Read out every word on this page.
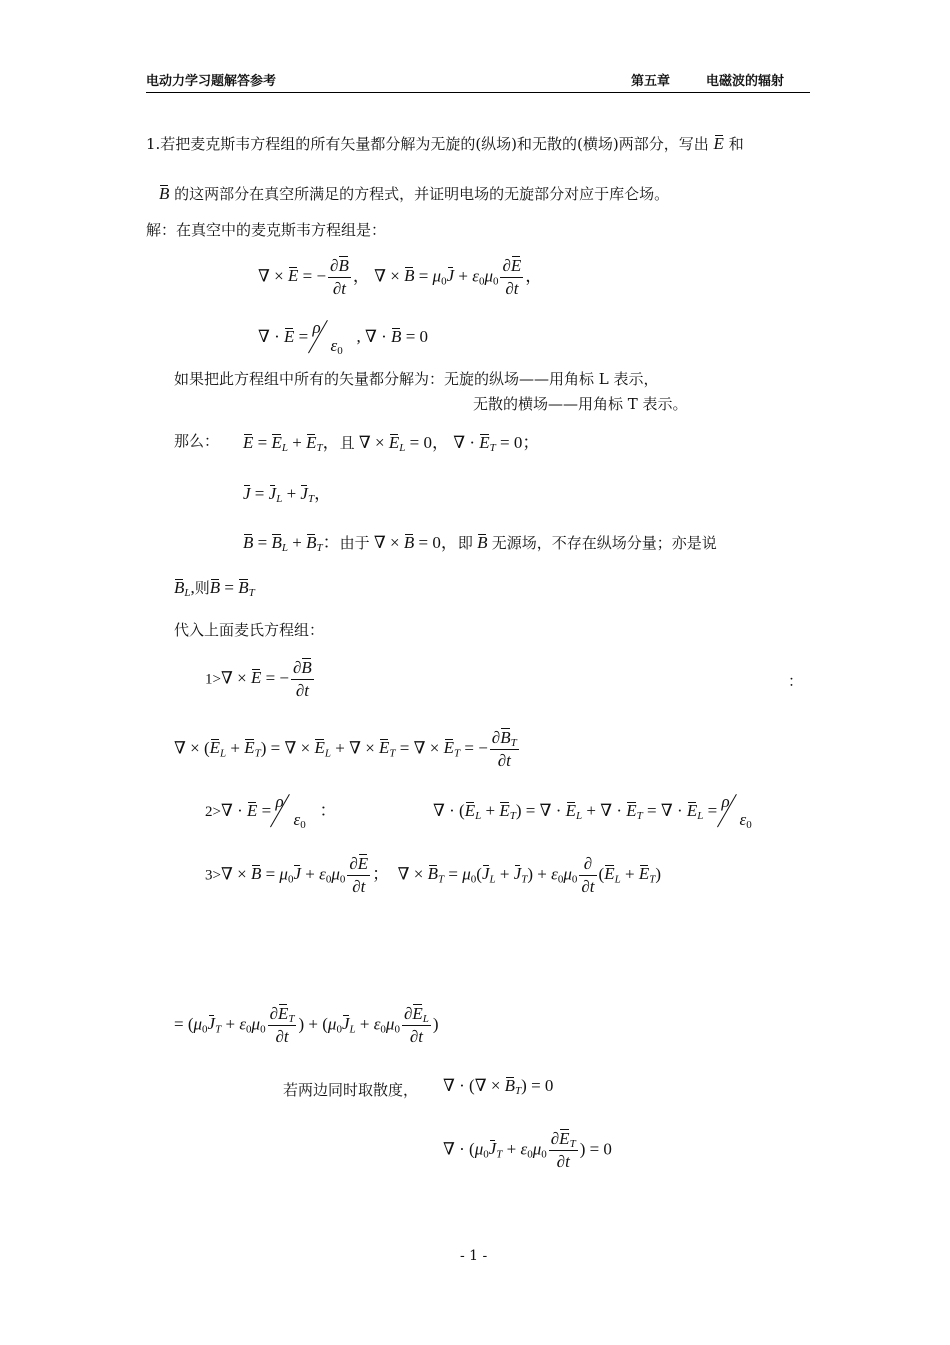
电动力学习题解答参考	第五章	电磁波的辐射
1.若把麦克斯韦方程组的所有矢量都分解为无旋的(纵场)和无散的(横场)两部分，写出 E 和
B 的这两部分在真空所满足的方程式，并证明电场的无旋部分对应于库仑场。
解：在真空中的麦克斯韦方程组是：
∇ × E = − $\frac{\partial B}{\partial t}$ ， ∇ × $B = \mu_0J + \varepsilon_0\mu_0 \frac{\partial E}{\partial t}$ ，
∇ · E = ρ
$\varepsilon_0$
, ∇ · B = 0
如果把此方程组中所有的矢量都分解为：无旋的纵场——用角标 L 表示，
无散的横场——用角标 T 表示。
那么： $E = E_L + E_T$，且 ∇ × $E_L = 0$， ∇ · $E_T = 0$；
$J = J_L + J_T$，
$B = B_L + B_T$：由于 ∇ × B = 0，即 B 无源场，不存在纵场分量；亦是说
$B_L$,则$B = B_T$
代入上面麦氏方程组：
1>∇ × E = − $\frac{\partial B}{\partial t}$	：
∇ × $(E_L + E_T)$ = ∇ × $E_L$ + ∇ × $E_T$ = ∇ × $E_T$ = − $\frac{\partial B_T}{\partial t}$
2>∇ · E = ρ
$\varepsilon_0$
：	∇ · $(E_L + E_T)$ = ∇ · $E_L$ + ∇ · $E_T$ = ∇ · $E_L = \rho$
$\varepsilon_0$
$3>\nabla \times B = \mu_0J + \varepsilon_0\mu_0 \frac{\partial E}{\partial t}$ ；  ∇ × $B_T = \mu_0(J_L + J_T) + \varepsilon_0\mu_0 \frac{\partial}{\partial t} (E_L + E_T)$
= ($\mu_0J_T + \varepsilon_0\mu_0 \frac{\partial E_T}{\partial t}$ ) + ($\mu_0J_L + \varepsilon_0\mu_0 \frac{\partial E_L}{\partial t}$ )
若两边同时取散度， ∇ · (∇ × $B_T) = 0$
∇ · ($\mu_0J_T + \varepsilon_0\mu_0 \frac{\partial E_T}{\partial t}$ ) = 0
- 1 -
